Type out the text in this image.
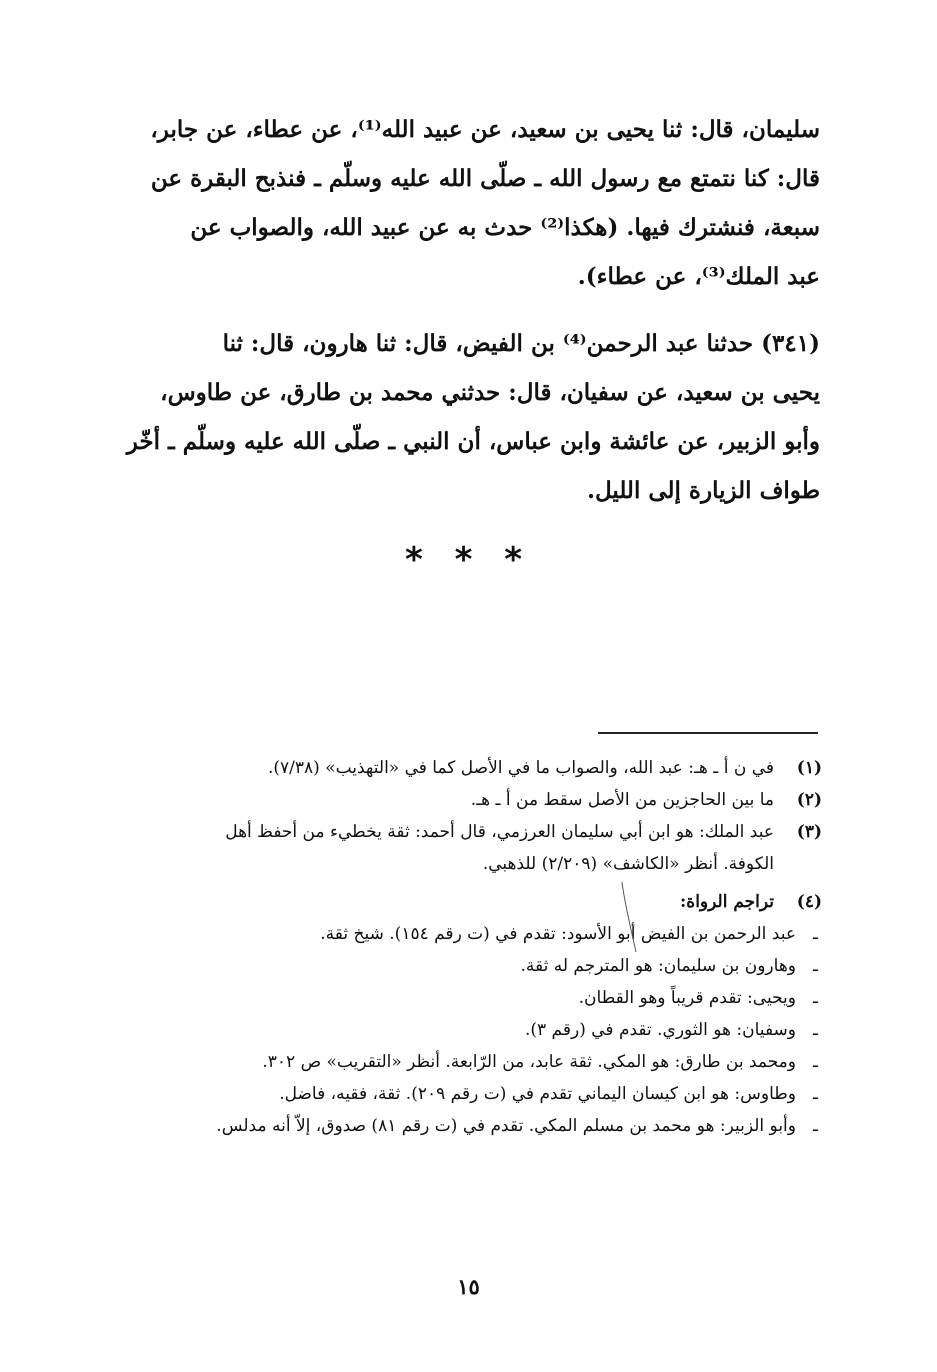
سليمان، قال: ثنا يحيى بن سعيد، عن عبيد الله⁽¹⁾، عن عطاء، عن جابر،

قال: كنا نتمتع مع رسول الله ـ صلّى الله عليه وسلّم ـ فنذبح البقرة عن

سبعة، فنشترك فيها. (هكذا⁽²⁾ حدث به عن عبيد الله، والصواب عن

عبد الملك⁽³⁾، عن عطاء).

(٣٤١) حدثنا عبد الرحمن⁽⁴⁾ بن الفيض، قال: ثنا هارون، قال: ثنا

يحيى بن سعيد، عن سفيان، قال: حدثني محمد بن طارق، عن طاوس،

وأبو الزبير، عن عائشة وابن عباس، أن النبي ـ صلّى الله عليه وسلّم ـ أخّر

طواف الزيارة إلى الليل.

* * *
(١)

في ن أ ـ هـ: عبد الله، والصواب ما في الأصل كما في «التهذيب» (٧/٣٨).

(٢)

ما بين الحاجزين من الأصل سقط من أ ـ هـ.

(٣)

عبد الملك: هو ابن أبي سليمان العرزمي، قال أحمد: ثقة يخطيء من أحفظ أهل

الكوفة. أنظر «الكاشف» (٢/٢٠٩) للذهبي.

(٤)

تراجم الرواة:

ـ
عبد الرحمن بن الفيض أبو الأسود: تقدم في (ت رقم ١٥٤). شيخ ثقة.
ـ
وهارون بن سليمان: هو المترجم له ثقة.
ـ
ويحيى: تقدم قريباً وهو القطان.
ـ
وسفيان: هو الثوري. تقدم في (رقم ٣).
ـ
ومحمد بن طارق: هو المكي. ثقة عابد، من الرّابعة. أنظر «التقريب» ص ٣٠٢.
ـ
وطاوس: هو ابن كيسان اليماني تقدم في (ت رقم ٢٠٩). ثقة، فقيه، فاضل.
ـ
وأبو الزبير: هو محمد بن مسلم المكي. تقدم في (ت رقم ٨١) صدوق، إلاّ أنه مدلس.
١٥
